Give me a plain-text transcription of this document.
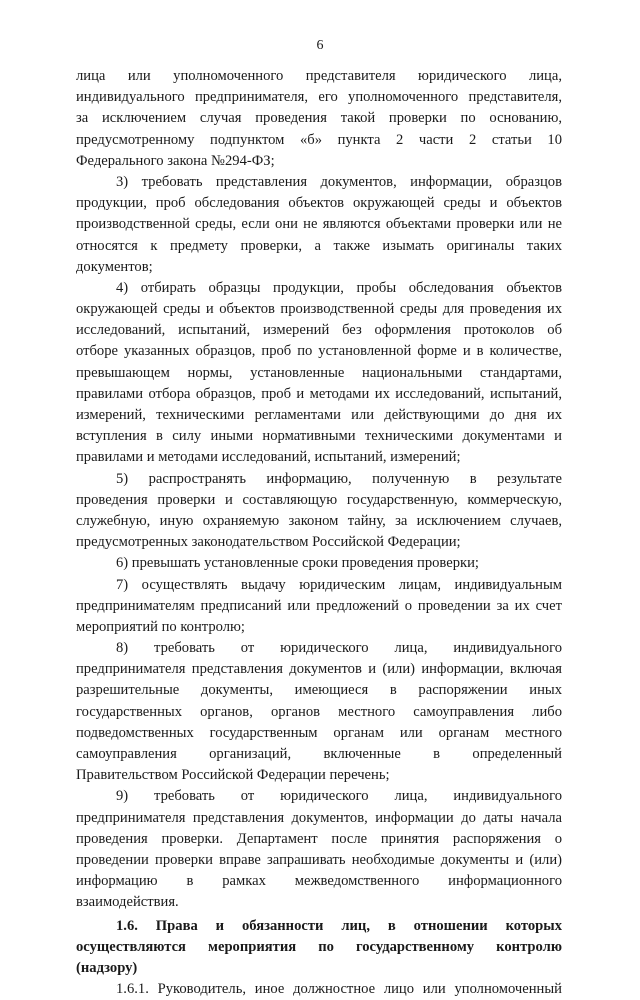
6
лица или уполномоченного представителя юридического лица,
индивидуального предпринимателя, его уполномоченного представителя,
за исключением случая проведения такой проверки по основанию,
предусмотренному подпунктом «б» пункта 2 части 2 статьи 10
Федерального закона №294-ФЗ;
3) требовать представления документов, информации, образцов
продукции, проб обследования объектов окружающей среды и объектов
производственной среды, если они не являются объектами проверки или не
относятся к предмету проверки, а также изымать оригиналы таких
документов;
4) отбирать образцы продукции, пробы обследования объектов
окружающей среды и объектов производственной среды для проведения их
исследований, испытаний, измерений без оформления протоколов об
отборе указанных образцов, проб по установленной форме и в количестве,
превышающем нормы, установленные национальными стандартами,
правилами отбора образцов, проб и методами их исследований, испытаний,
измерений, техническими регламентами или действующими до дня их
вступления в силу иными нормативными техническими документами и
правилами и методами исследований, испытаний, измерений;
5) распространять информацию, полученную в результате
проведения проверки и составляющую государственную, коммерческую,
служебную, иную охраняемую законом тайну, за исключением случаев,
предусмотренных законодательством Российской Федерации;
6) превышать установленные сроки проведения проверки;
7) осуществлять выдачу юридическим лицам, индивидуальным
предпринимателям предписаний или предложений о проведении за их счет
мероприятий по контролю;
8) требовать от юридического лица, индивидуального
предпринимателя представления документов и (или) информации, включая
разрешительные документы, имеющиеся в распоряжении иных
государственных органов, органов местного самоуправления либо
подведомственных государственным органам или органам местного
самоуправления организаций, включенные в определенный
Правительством Российской Федерации перечень;
9) требовать от юридического лица, индивидуального
предпринимателя представления документов, информации до даты начала
проведения проверки. Департамент после принятия распоряжения о
проведении проверки вправе запрашивать необходимые документы и (или)
информацию в рамках межведомственного информационного
взаимодействия.
1.6. Права и обязанности лиц, в отношении которых
осуществляются мероприятия по государственному контролю
(надзору)
1.6.1. Руководитель, иное должностное лицо или уполномоченный
